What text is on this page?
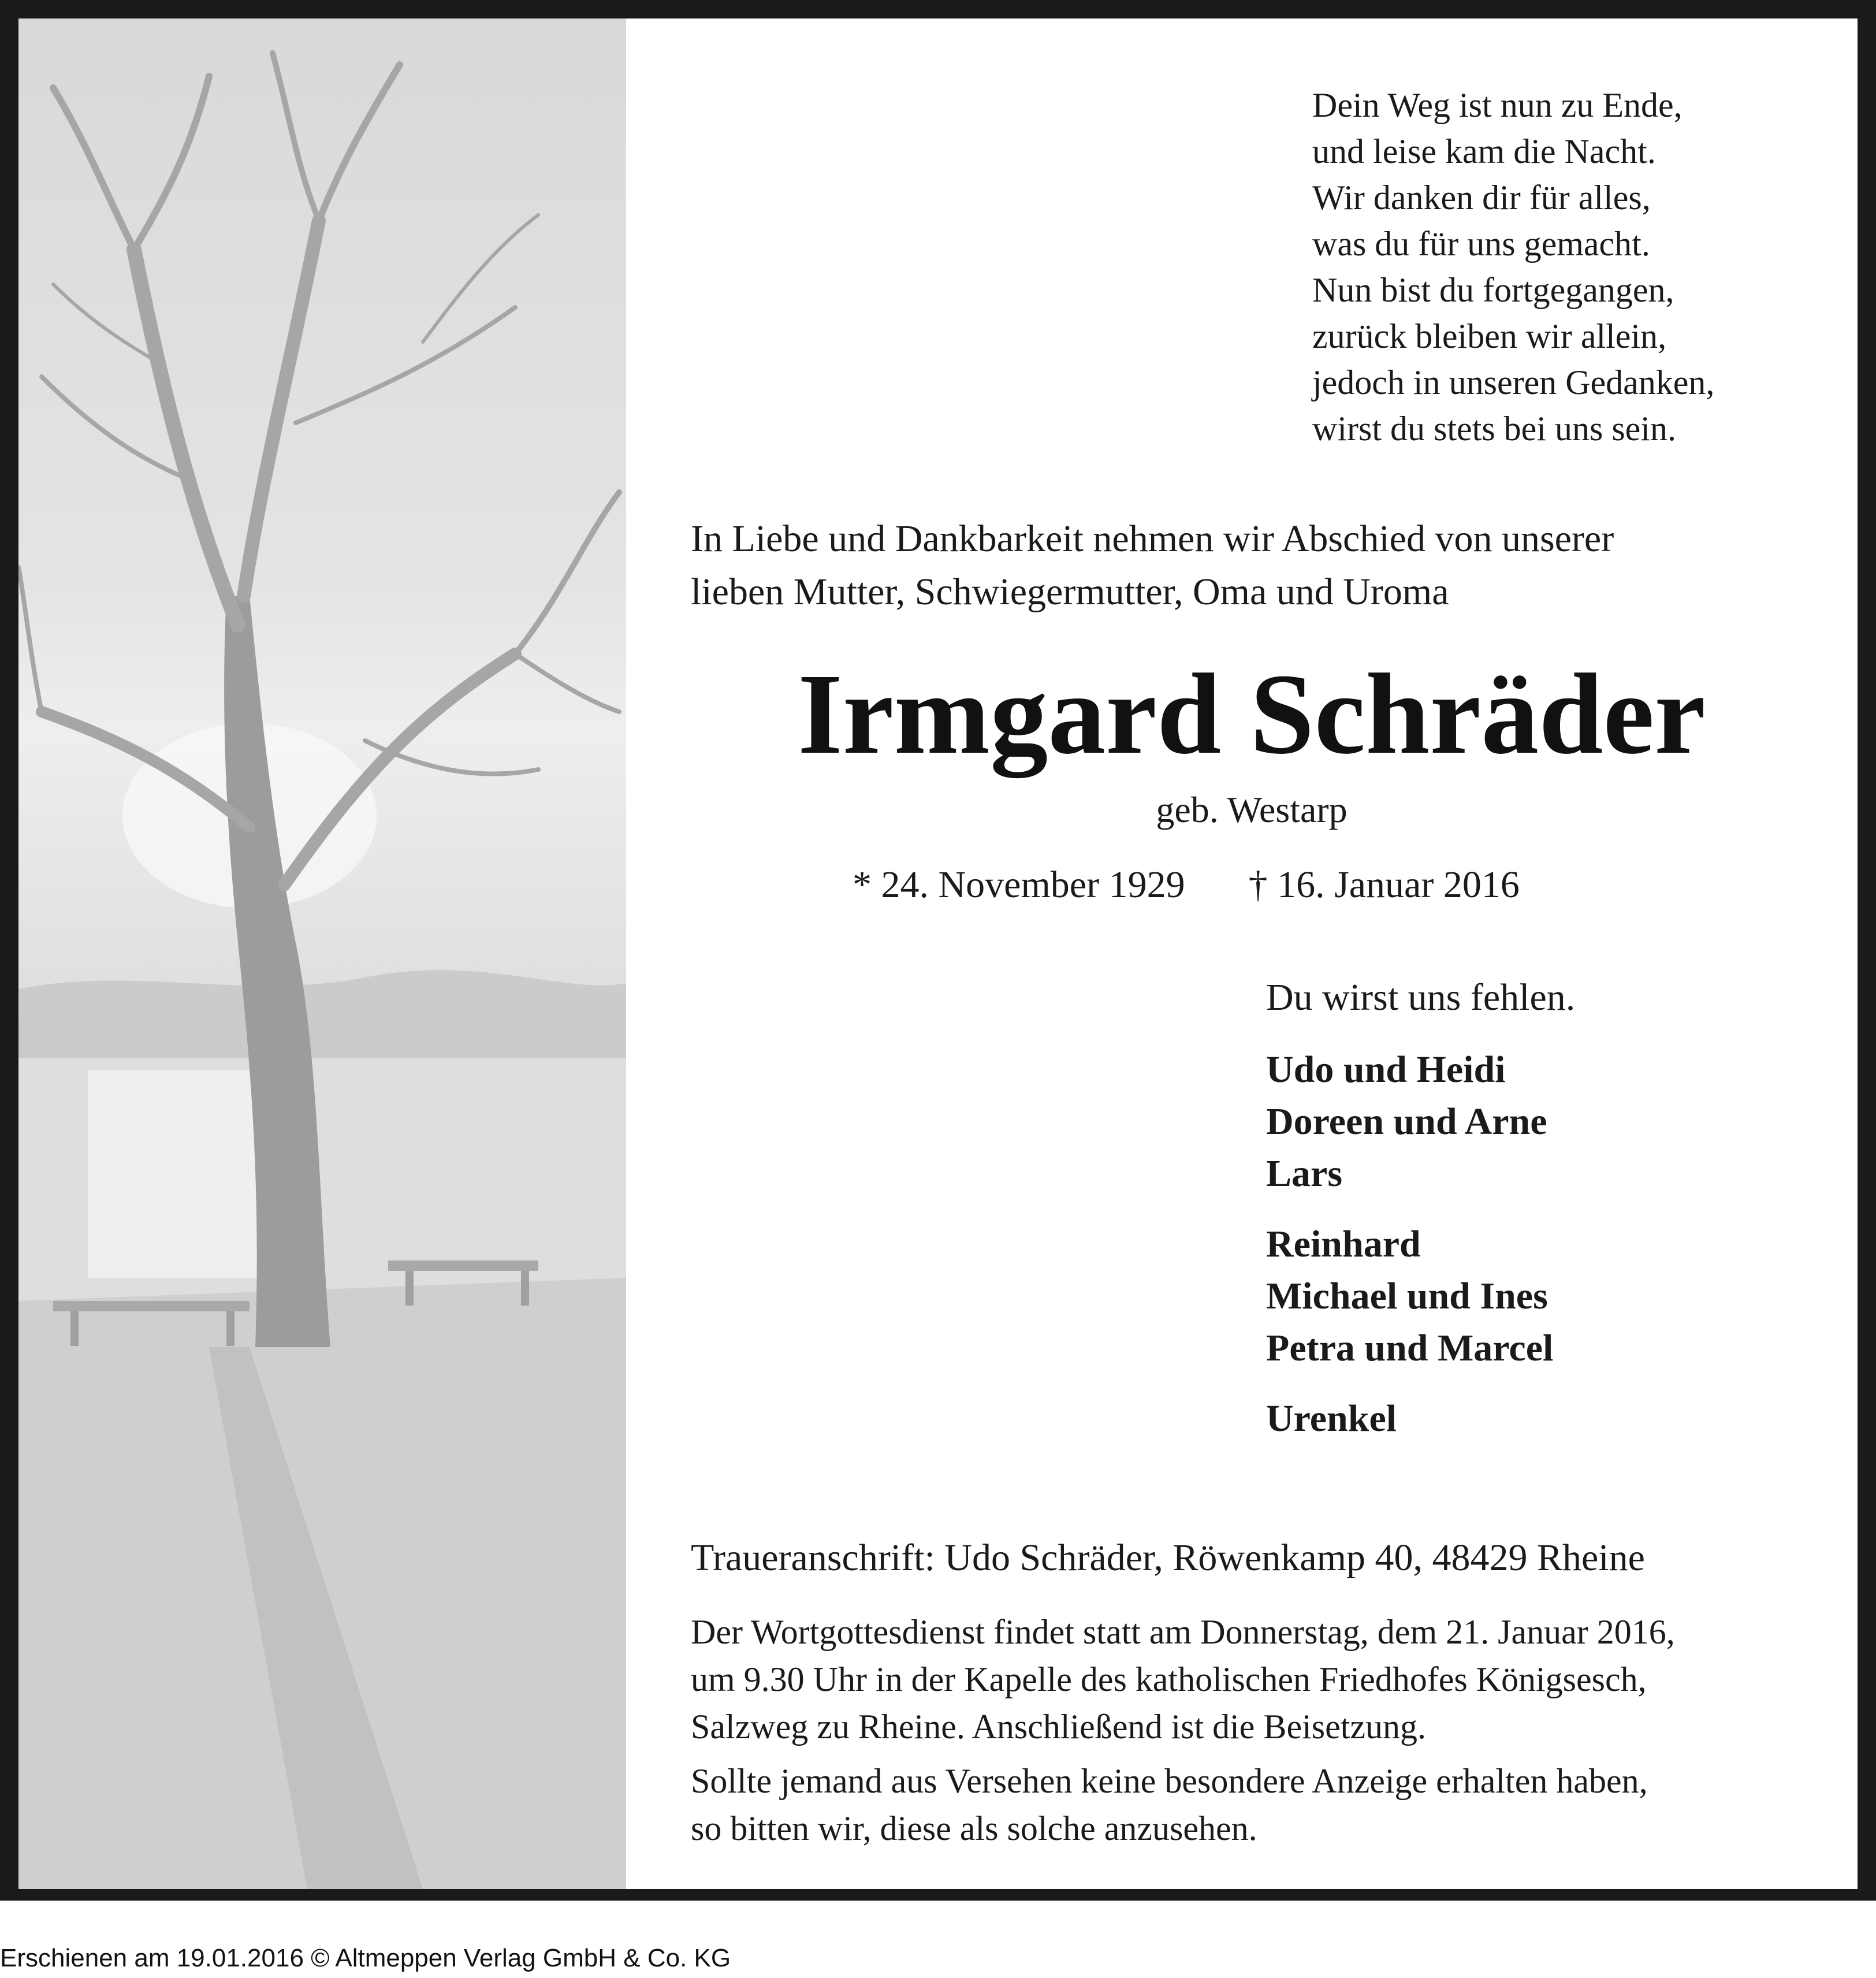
Dein Weg ist nun zu Ende,
und leise kam die Nacht.
Wir danken dir für alles,
was du für uns gemacht.
Nun bist du fortgegangen,
zurück bleiben wir allein,
jedoch in unseren Gedanken,
wirst du stets bei uns sein.
In Liebe und Dankbarkeit nehmen wir Abschied von unserer
lieben Mutter, Schwiegermutter, Oma und Uroma
Irmgard Schräder
geb. Westarp
* 24. November 1929 † 16. Januar 2016
Du wirst uns fehlen.
Udo und Heidi
Doreen und Arne
Lars
Reinhard
Michael und Ines
Petra und Marcel
Urenkel
Traueranschrift: Udo Schräder, Röwenkamp 40, 48429 Rheine
Der Wortgottesdienst findet statt am Donnerstag, dem 21. Januar 2016,
um 9.30 Uhr in der Kapelle des katholischen Friedhofes Königsesch,
Salzweg zu Rheine. Anschließend ist die Beisetzung.
Sollte jemand aus Versehen keine besondere Anzeige erhalten haben,
so bitten wir, diese als solche anzusehen.
Erschienen am 19.01.2016 © Altmeppen Verlag GmbH & Co. KG
